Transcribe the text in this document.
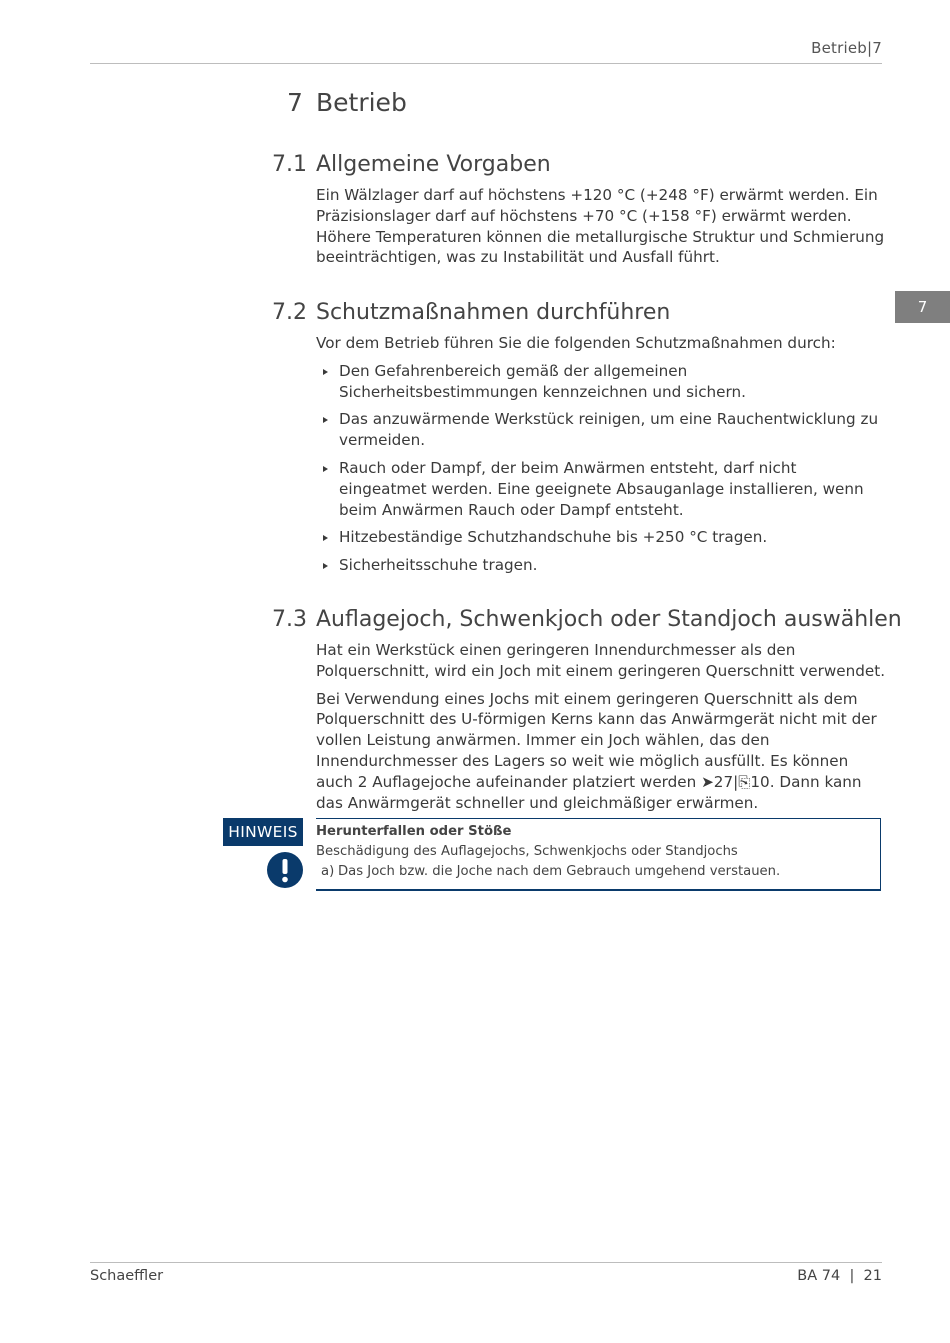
Betrieb|7
7
7 Betrieb
7.1 Allgemeine Vorgaben

Ein Wälzlager darf auf höchstens +120 °C (+248 °F) erwärmt werden. Ein Präzisionslager darf auf höchstens +70 °C (+158 °F) erwärmt werden. Höhere Temperaturen können die metallurgische Struktur und Schmierung beeinträchtigen, was zu Instabilität und Ausfall führt.

7.2 Schutzmaßnahmen durchführen

Vor dem Betrieb führen Sie die folgenden Schutzmaßnahmen durch:

Den Gefahrenbereich gemäß der allgemeinen Sicherheitsbestimmungen kennzeichnen und sichern.
Das anzuwärmende Werkstück reinigen, um eine Rauchentwicklung zu vermeiden.
Rauch oder Dampf, der beim Anwärmen entsteht, darf nicht eingeatmet werden. Eine geeignete Absauganlage installieren, wenn beim Anwärmen Rauch oder Dampf entsteht.
Hitzebeständige Schutzhandschuhe bis +250 °C tragen.
Sicherheitsschuhe tragen.
7.3 Auflagejoch, Schwenkjoch oder Standjoch auswählen

Hat ein Werkstück einen geringeren Innendurchmesser als den Polquerschnitt, wird ein Joch mit einem geringeren Querschnitt verwendet.

Bei Verwendung eines Jochs mit einem geringeren Querschnitt als dem Polquerschnitt des U-förmigen Kerns kann das Anwärmgerät nicht mit der vollen Leistung anwärmen. Immer ein Joch wählen, das den Innendurchmesser des Lagers so weit wie möglich ausfüllt. Es können auch 2 Auflagejoche aufeinander platziert werden ➤27|⎘10. Dann kann das Anwärmgerät schneller und gleichmäßiger erwärmen.

HINWEIS	Herunterfallen oder Stöße
Beschädigung des Auflagejochs, Schwenkjochs oder Standjochs
a) Das Joch bzw. die Joche nach dem Gebrauch umgehend verstauen.
Schaeffler	BA 74  |  21
